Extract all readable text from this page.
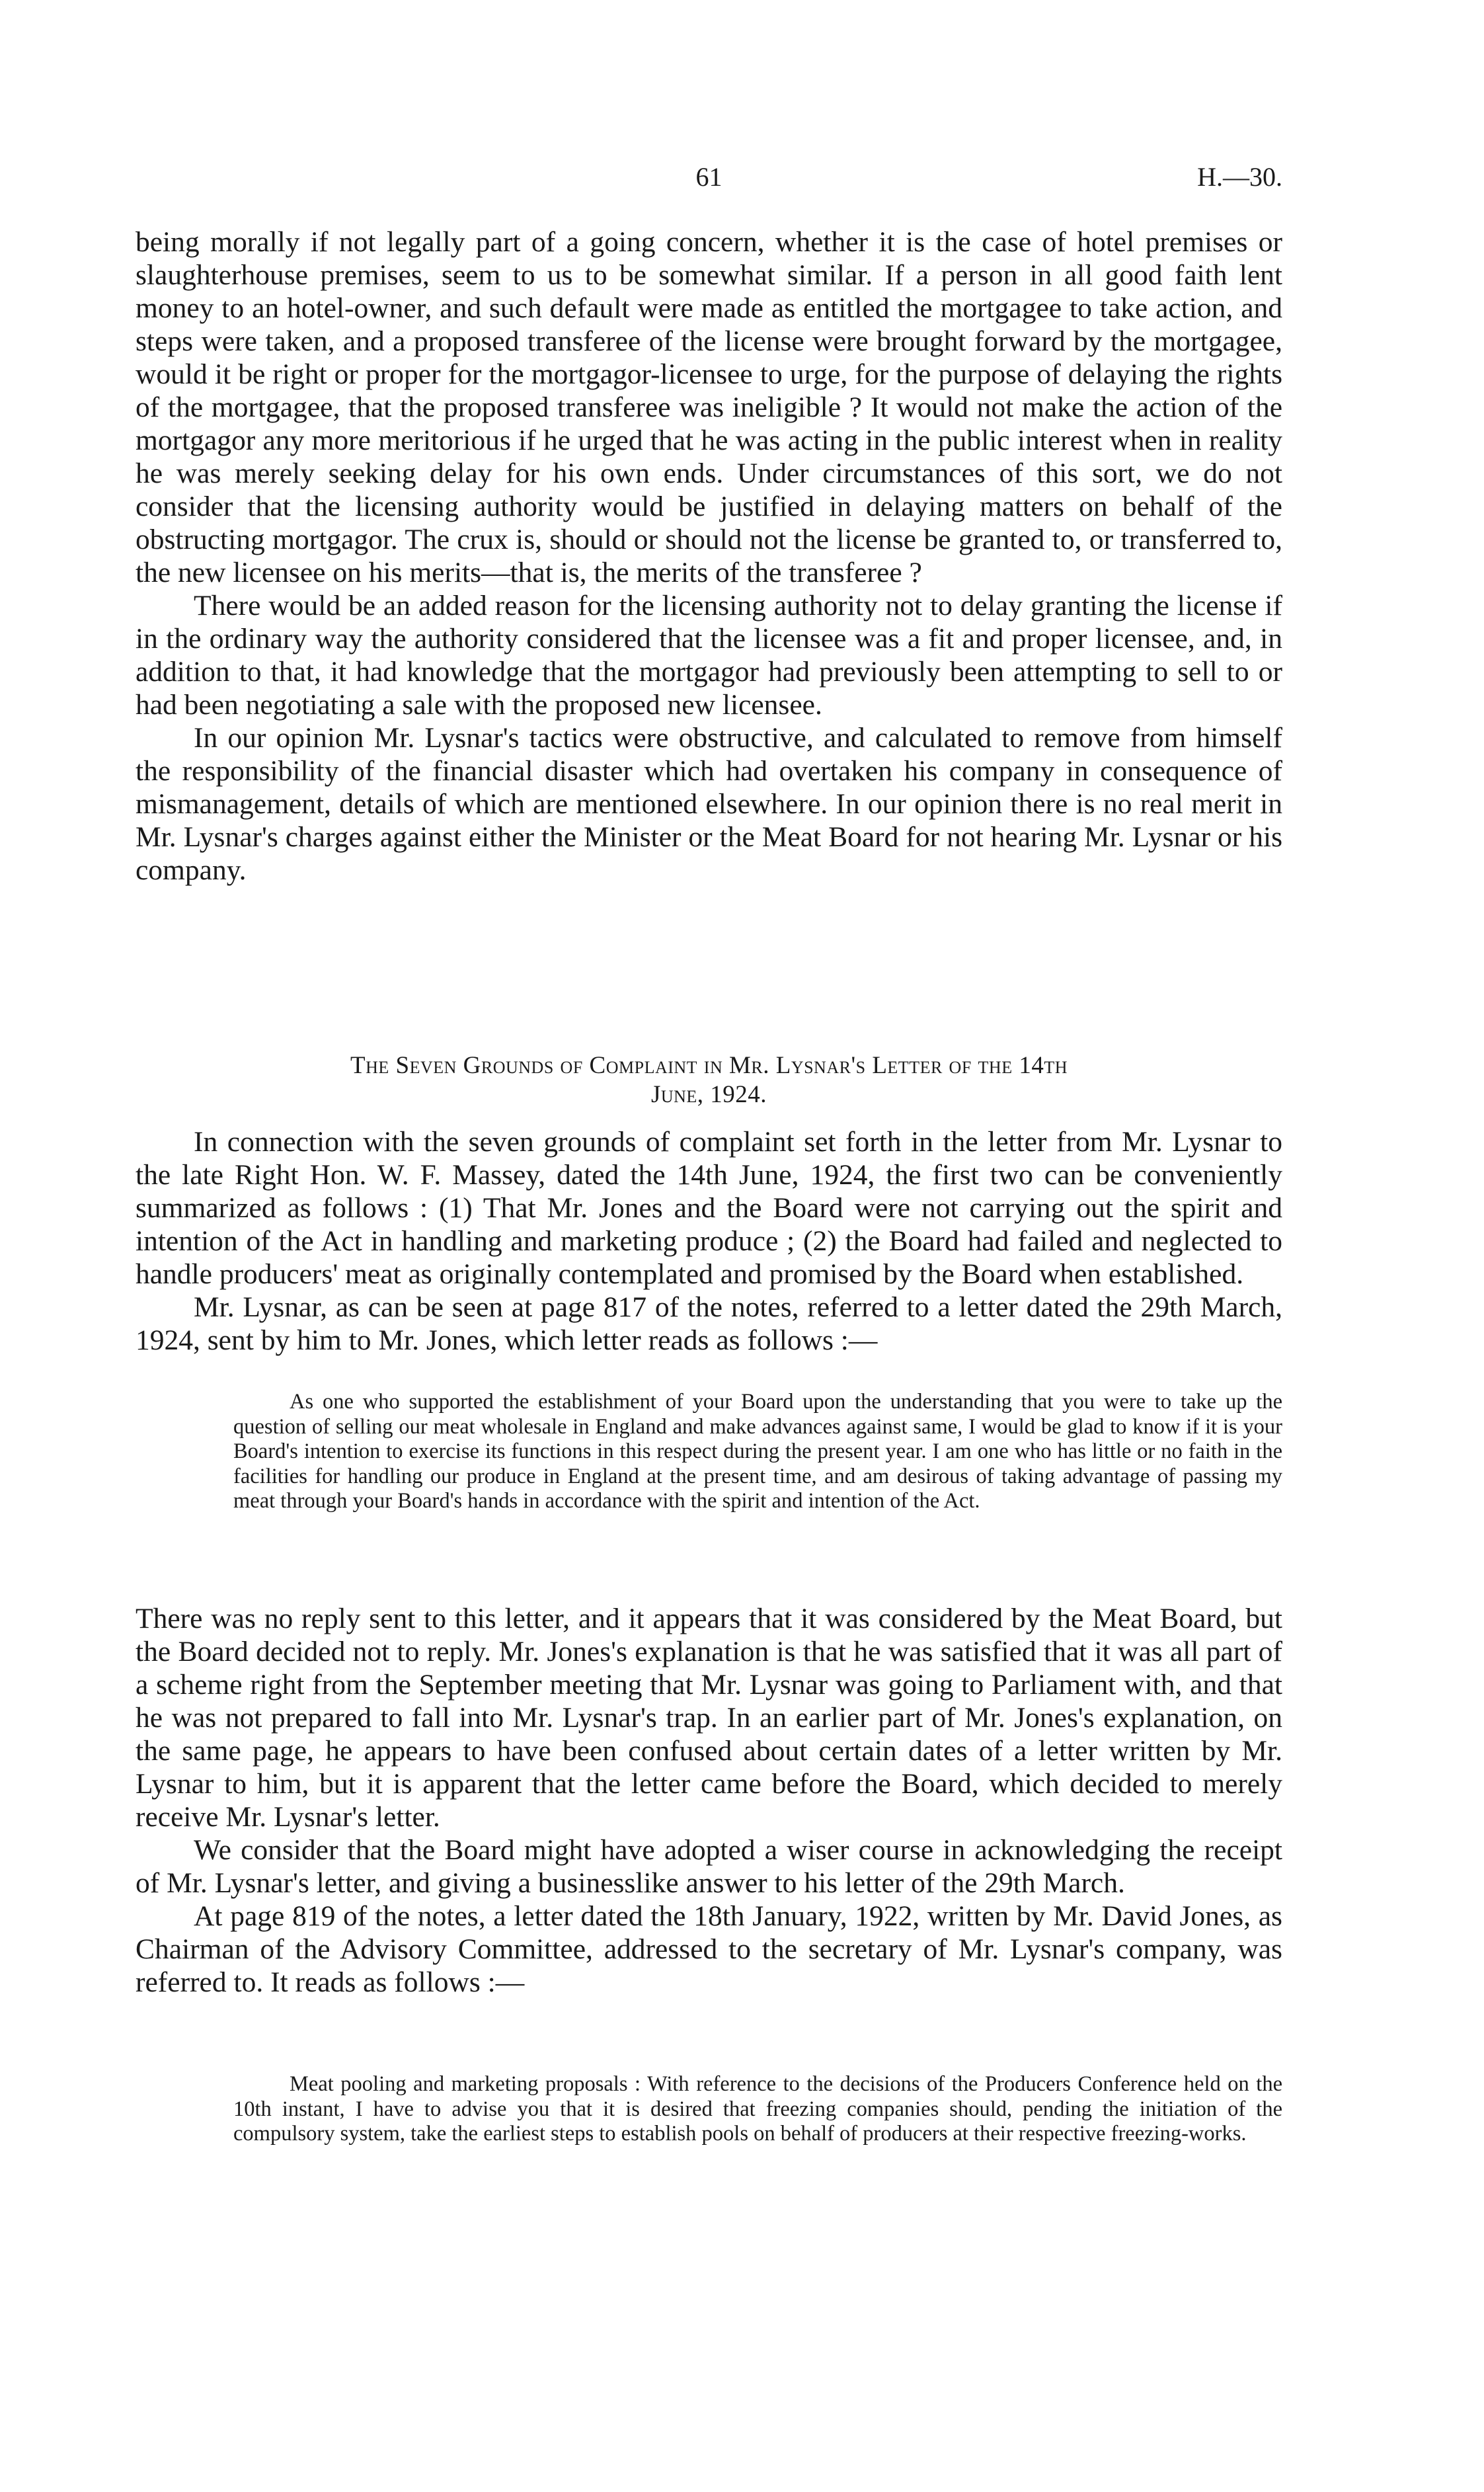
61	H.—30.

being morally if not legally part of a going concern, whether it is the case of hotel premises or slaughterhouse premises, seem to us to be somewhat similar. If a person in all good faith lent money to an hotel-owner, and such default were made as entitled the mortgagee to take action, and steps were taken, and a proposed transferee of the license were brought forward by the mortgagee, would it be right or proper for the mortgagor-licensee to urge, for the purpose of delaying the rights of the mortgagee, that the proposed transferee was ineligible ? It would not make the action of the mortgagor any more meritorious if he urged that he was acting in the public interest when in reality he was merely seeking delay for his own ends. Under circumstances of this sort, we do not consider that the licensing authority would be justified in delaying matters on behalf of the obstructing mortgagor. The crux is, should or should not the license be granted to, or transferred to, the new licensee on his merits—that is, the merits of the transferee ?

There would be an added reason for the licensing authority not to delay granting the license if in the ordinary way the authority considered that the licensee was a fit and proper licensee, and, in addition to that, it had knowledge that the mortgagor had previously been attempting to sell to or had been negotiating a sale with the proposed new licensee.

In our opinion Mr. Lysnar's tactics were obstructive, and calculated to remove from himself the responsibility of the financial disaster which had overtaken his company in consequence of mismanagement, details of which are mentioned elsewhere. In our opinion there is no real merit in Mr. Lysnar's charges against either the Minister or the Meat Board for not hearing Mr. Lysnar or his company.

The Seven Grounds of Complaint in Mr. Lysnar's Letter of the 14th
June, 1924.

In connection with the seven grounds of complaint set forth in the letter from Mr. Lysnar to the late Right Hon. W. F. Massey, dated the 14th June, 1924, the first two can be conveniently summarized as follows : (1) That Mr. Jones and the Board were not carrying out the spirit and intention of the Act in handling and marketing produce ; (2) the Board had failed and neglected to handle producers' meat as originally contemplated and promised by the Board when established.

Mr. Lysnar, as can be seen at page 817 of the notes, referred to a letter dated the 29th March, 1924, sent by him to Mr. Jones, which letter reads as follows :—

As one who supported the establishment of your Board upon the understanding that you were to take up the question of selling our meat wholesale in England and make advances against same, I would be glad to know if it is your Board's intention to exercise its functions in this respect during the present year. I am one who has little or no faith in the facilities for handling our produce in England at the present time, and am desirous of taking advantage of passing my meat through your Board's hands in accordance with the spirit and intention of the Act.

There was no reply sent to this letter, and it appears that it was considered by the Meat Board, but the Board decided not to reply. Mr. Jones's explanation is that he was satisfied that it was all part of a scheme right from the September meeting that Mr. Lysnar was going to Parliament with, and that he was not prepared to fall into Mr. Lysnar's trap. In an earlier part of Mr. Jones's explanation, on the same page, he appears to have been confused about certain dates of a letter written by Mr. Lysnar to him, but it is apparent that the letter came before the Board, which decided to merely receive Mr. Lysnar's letter.

We consider that the Board might have adopted a wiser course in acknowledging the receipt of Mr. Lysnar's letter, and giving a businesslike answer to his letter of the 29th March.

At page 819 of the notes, a letter dated the 18th January, 1922, written by Mr. David Jones, as Chairman of the Advisory Committee, addressed to the secretary of Mr. Lysnar's company, was referred to. It reads as follows :—

Meat pooling and marketing proposals : With reference to the decisions of the Producers Conference held on the 10th instant, I have to advise you that it is desired that freezing companies should, pending the initiation of the compulsory system, take the earliest steps to establish pools on behalf of producers at their respective freezing-works.
